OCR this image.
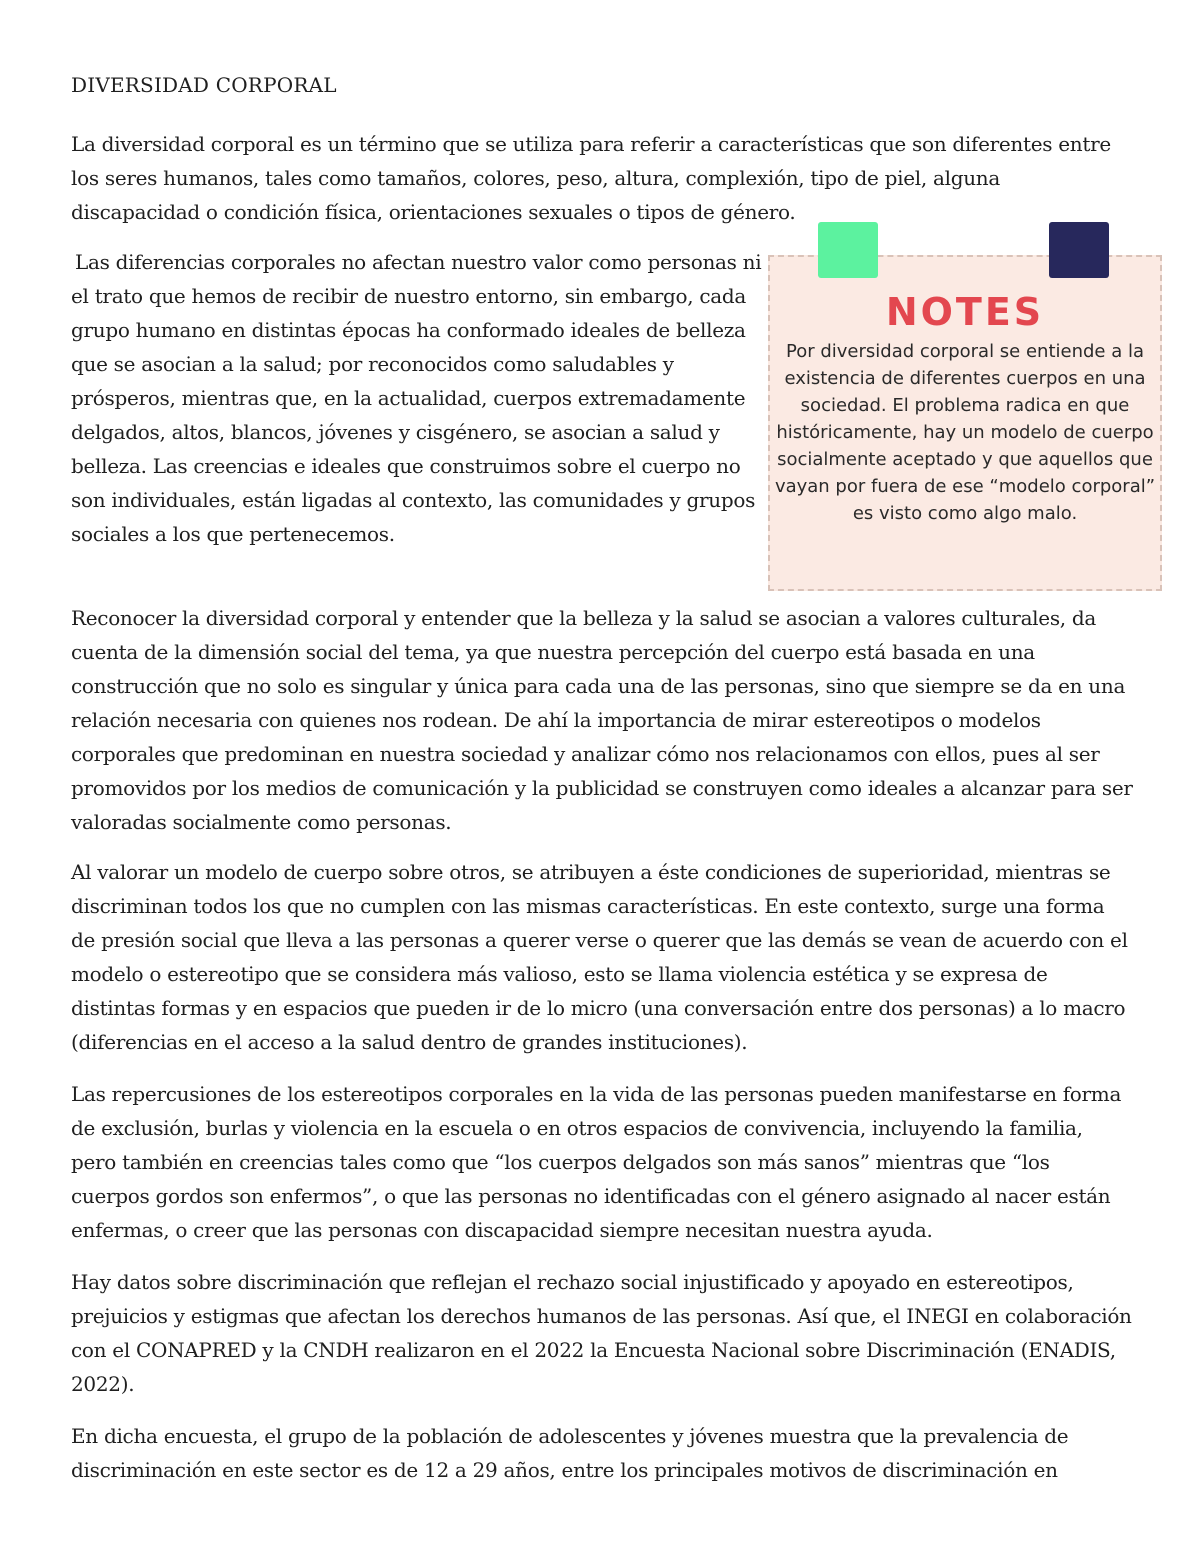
DIVERSIDAD CORPORAL

La diversidad corporal es un término que se utiliza para referir a características que son diferentes entre los seres humanos, tales como tamaños, colores, peso, altura, complexión, tipo de piel, alguna discapacidad o condición física, orientaciones sexuales o tipos de género.

Las diferencias corporales no afectan nuestro valor como personas ni el trato que hemos de recibir de nuestro entorno, sin embargo, cada grupo humano en distintas épocas ha conformado ideales de belleza que se asocian a la salud; por reconocidos como saludables y prósperos, mientras que, en la actualidad, cuerpos extremadamente delgados, altos, blancos, jóvenes y cisgénero, se asocian a salud y belleza. Las creencias e ideales que construimos sobre el cuerpo no son individuales, están ligadas al contexto, las comunidades y grupos sociales a los que pertenecemos.

NOTES

Por diversidad corporal se entiende a la existencia de diferentes cuerpos en una sociedad. El problema radica en que históricamente, hay un modelo de cuerpo socialmente aceptado y que aquellos que vayan por fuera de ese “modelo corporal” es visto como algo malo.

Reconocer la diversidad corporal y entender que la belleza y la salud se asocian a valores culturales, da cuenta de la dimensión social del tema, ya que nuestra percepción del cuerpo está basada en una construcción que no solo es singular y única para cada una de las personas, sino que siempre se da en una relación necesaria con quienes nos rodean. De ahí la importancia de mirar estereotipos o modelos corporales que predominan en nuestra sociedad y analizar cómo nos relacionamos con ellos, pues al ser promovidos por los medios de comunicación y la publicidad se construyen como ideales a alcanzar para ser valoradas socialmente como personas.

Al valorar un modelo de cuerpo sobre otros, se atribuyen a éste condiciones de superioridad, mientras se discriminan todos los que no cumplen con las mismas características. En este contexto, surge una forma de presión social que lleva a las personas a querer verse o querer que las demás se vean de acuerdo con el modelo o estereotipo que se considera más valioso, esto se llama violencia estética y se expresa de distintas formas y en espacios que pueden ir de lo micro (una conversación entre dos personas) a lo macro (diferencias en el acceso a la salud dentro de grandes instituciones).

Las repercusiones de los estereotipos corporales en la vida de las personas pueden manifestarse en forma de exclusión, burlas y violencia en la escuela o en otros espacios de convivencia, incluyendo la familia, pero también en creencias tales como que “los cuerpos delgados son más sanos” mientras que “los cuerpos gordos son enfermos”, o que las personas no identificadas con el género asignado al nacer están enfermas, o creer que las personas con discapacidad siempre necesitan nuestra ayuda.

Hay datos sobre discriminación que reflejan el rechazo social injustificado y apoyado en estereotipos, prejuicios y estigmas que afectan los derechos humanos de las personas. Así que, el INEGI en colaboración con el CONAPRED y la CNDH realizaron en el 2022 la Encuesta Nacional sobre Discriminación (ENADIS, 2022).

En dicha encuesta, el grupo de la población de adolescentes y jóvenes muestra que la prevalencia de discriminación en este sector es de 12 a 29 años, entre los principales motivos de discriminación en
